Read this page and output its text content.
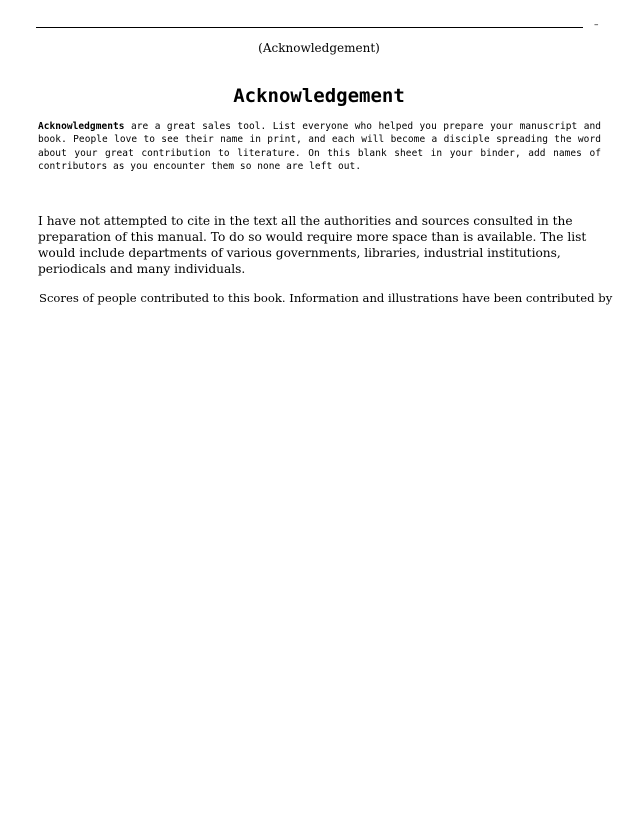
–
(Acknowledgement)
Acknowledgement
Acknowledgments are a great sales tool. List everyone who helped you prepare your manuscript and book. People love to see their name in print, and each will become a disciple spreading the word about your great contribution to literature. On this blank sheet in your binder, add names of contributors as you encounter them so none are left out.

I have not attempted to cite in the text all the authorities and sources consulted in the preparation of this manual. To do so would require more space than is available. The list would include departments of various governments, libraries, industrial institutions, periodicals and many individuals.

Scores of people contributed to this book. Information and illustrations have been contributed by
